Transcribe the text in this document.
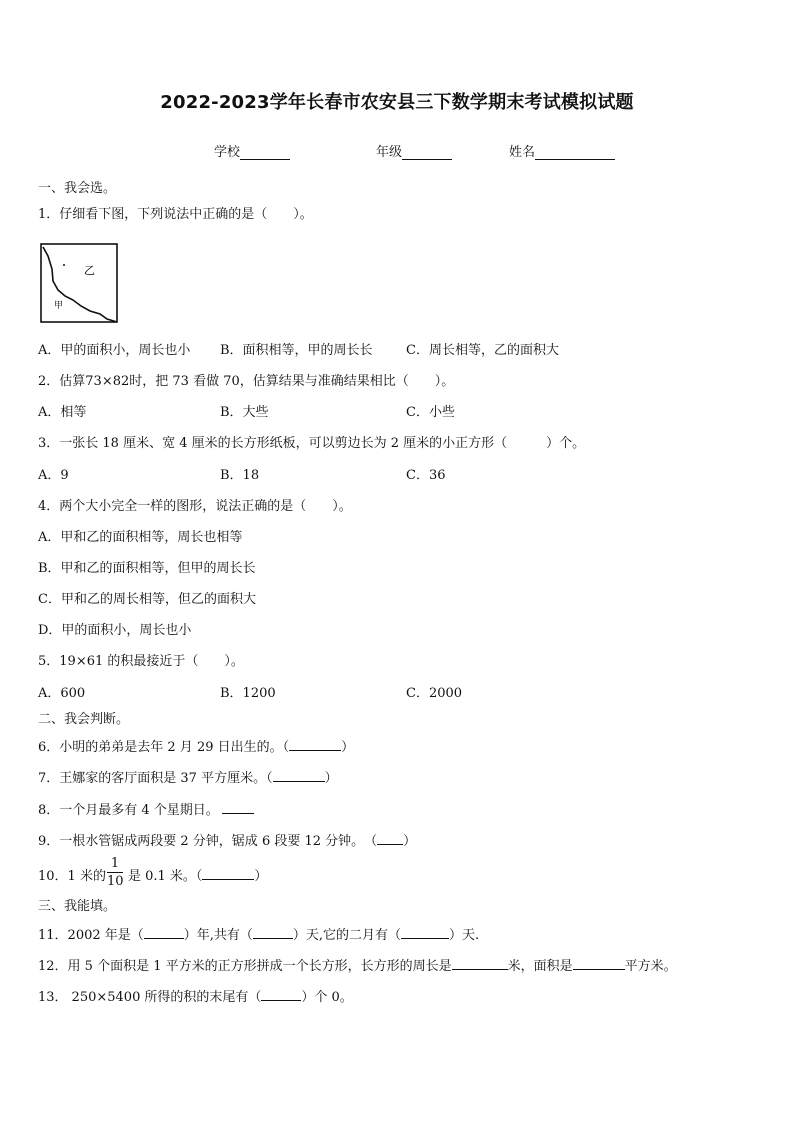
2022-2023学年长春市农安县三下数学期末考试模拟试题
学校	年级	姓名
一、我会选。
1．仔细看下图，下列说法中正确的是（　　）。
乙
甲
A．甲的面积小，周长也小 B．面积相等，甲的周长长	C．周长相等，乙的面积大
2．估算73×82时，把 73 看做 70，估算结果与准确结果相比（　　）。
A．相等	B．大些	C．小些
3．一张长 18 厘米、宽 4 厘米的长方形纸板，可以剪边长为 2 厘米的小正方形（　　　）个。
A．9	B．18	C．36
4．两个大小完全一样的图形，说法正确的是（　　）。
A．甲和乙的面积相等，周长也相等
B．甲和乙的面积相等，但甲的周长长
C．甲和乙的周长相等，但乙的面积大
D．甲的面积小，周长也小
5．19×61 的积最接近于（　　）。
A．600	B．1200	C．2000
二、我会判断。
6．小明的弟弟是去年 2 月 29 日出生的。（	）
7．王娜家的客厅面积是 37 平方厘米。（	）
8．一个月最多有 4 个星期日。
9．一根水管锯成两段要 2 分钟，锯成 6 段要 12 分钟。　（ ）
10．1 米的 是 0.1 米。（	）
1
10
三、我能填。
11．2002 年是（	）年,共有（	）天,它的二月有（	）天.
12．用 5 个面积是 1 平方米的正方形拼成一个长方形，长方形的周长是	米，面积是	平方米。
13． 250×5400 所得的积的末尾有（	）个 0。
